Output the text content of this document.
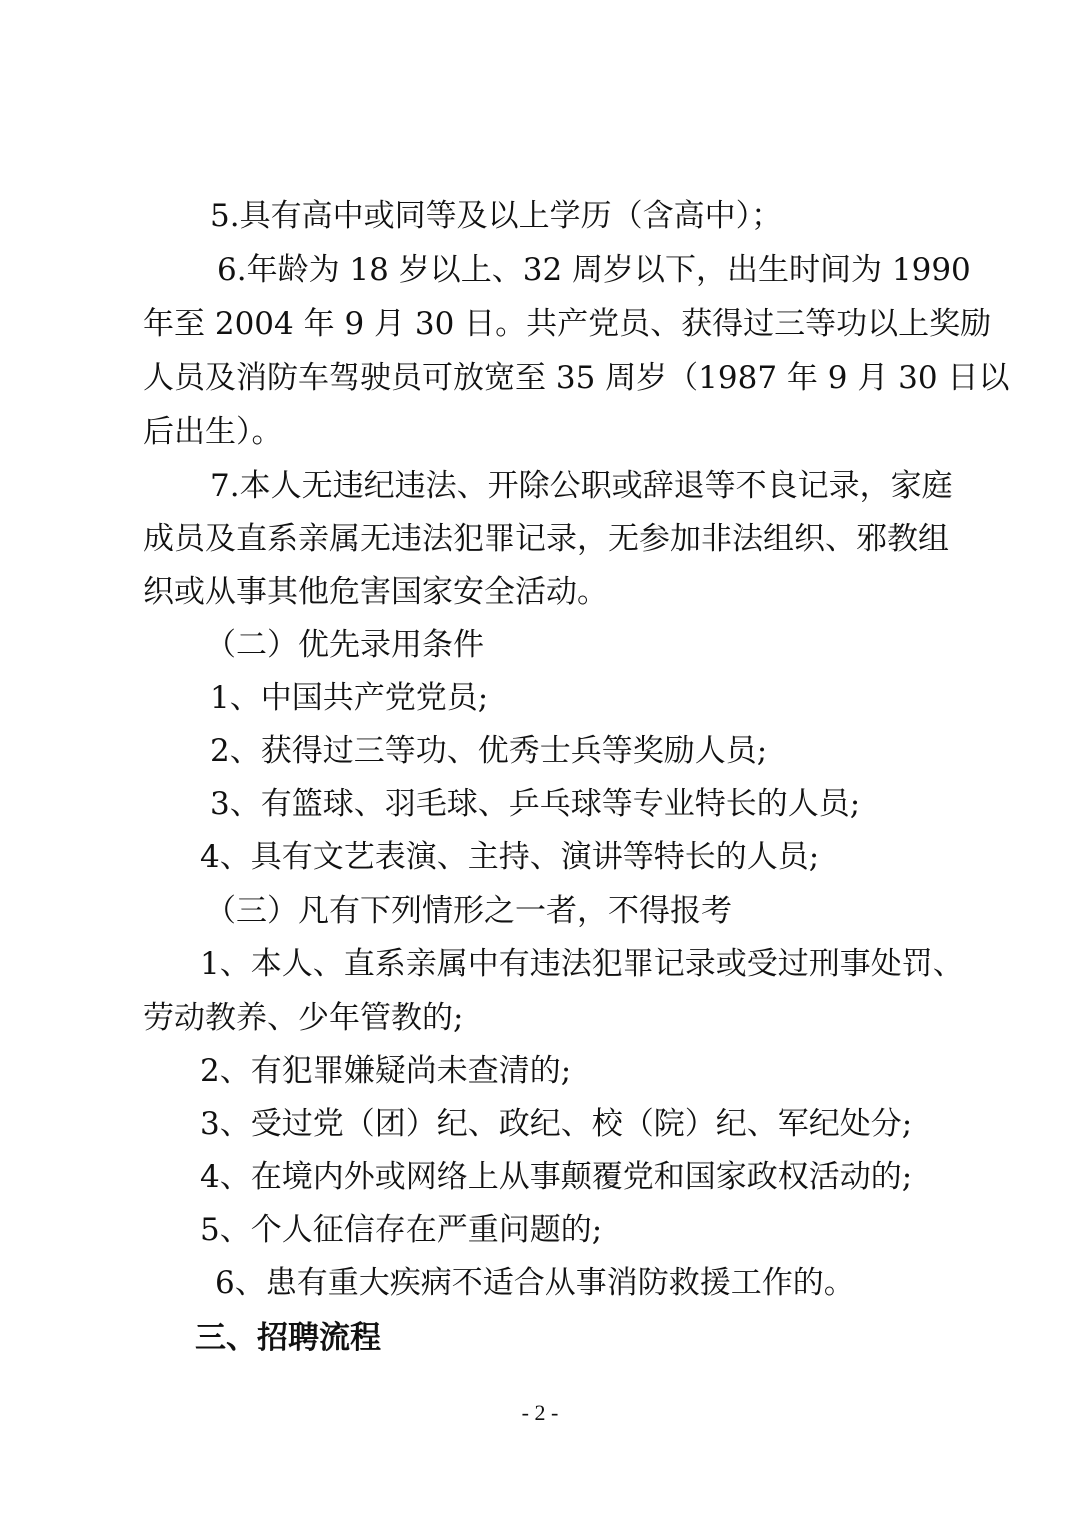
5.具有高中或同等及以上学历（含高中）；
6.年龄为 18 岁以上、32 周岁以下，出生时间为 1990
年至 2004 年 9 月 30 日。共产党员、获得过三等功以上奖励
人员及消防车驾驶员可放宽至 35 周岁（1987 年 9 月 30 日以
后出生）。
7.本人无违纪违法、开除公职或辞退等不良记录，家庭
成员及直系亲属无违法犯罪记录，无参加非法组织、邪教组
织或从事其他危害国家安全活动。
（二）优先录用条件
1、中国共产党党员;
2、获得过三等功、优秀士兵等奖励人员;
3、有篮球、羽毛球、乒乓球等专业特长的人员;
4、具有文艺表演、主持、演讲等特长的人员;
（三）凡有下列情形之一者，不得报考
1、本人、直系亲属中有违法犯罪记录或受过刑事处罚、
劳动教养、少年管教的;
2、有犯罪嫌疑尚未查清的;
3、受过党（团）纪、政纪、校（院）纪、军纪处分;
4、在境内外或网络上从事颠覆党和国家政权活动的;
5、个人征信存在严重问题的;
6、患有重大疾病不适合从事消防救援工作的。
三、招聘流程
- 2 -
